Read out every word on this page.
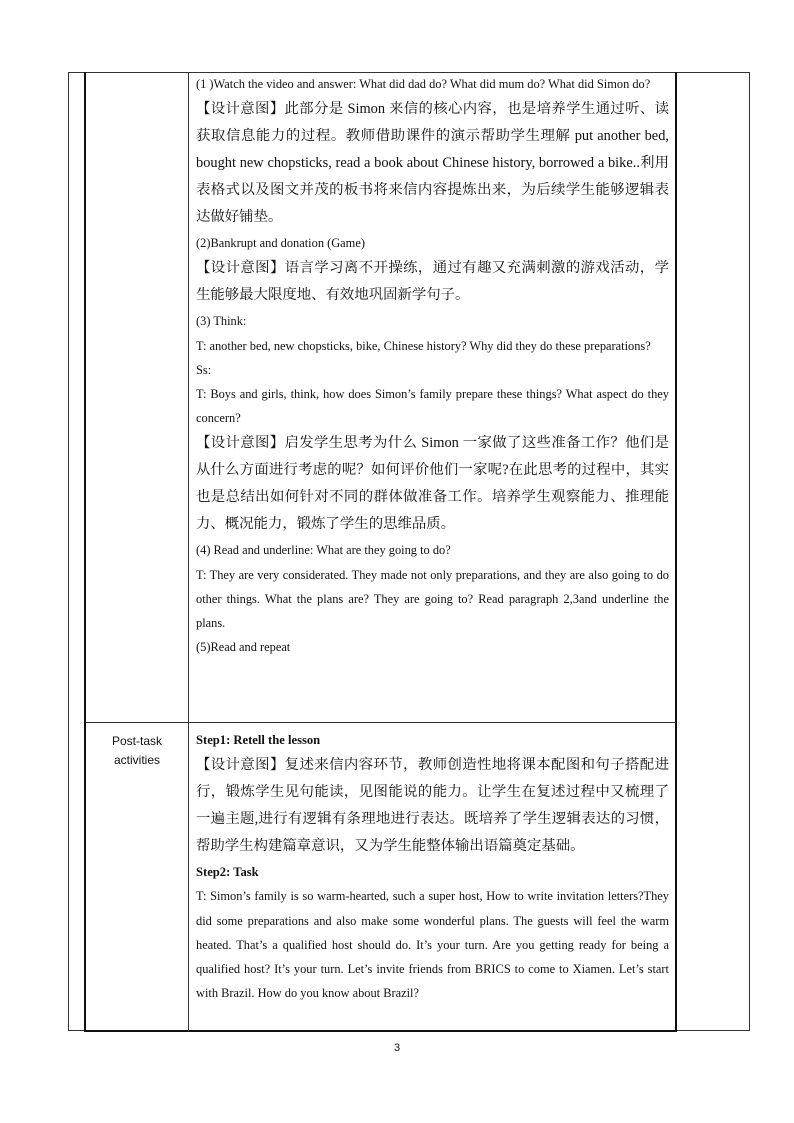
(1 )Watch the video and answer: What did dad do? What did mum do? What did Simon do?

【设计意图】此部分是 Simon 来信的核心内容，也是培养学生通过听、读获取信息能力的过程。教师借助课件的演示帮助学生理解 put another bed, bought new chopsticks, read a book about Chinese history, borrowed a bike..利用表格式以及图文并茂的板书将来信内容提炼出来，为后续学生能够逻辑表达做好铺垫。

(2)Bankrupt and donation (Game)

【设计意图】语言学习离不开操练，通过有趣又充满刺激的游戏活动，学生能够最大限度地、有效地巩固新学句子。

(3) Think:

T: another bed, new chopsticks, bike, Chinese history? Why did they do these preparations?

Ss:

T: Boys and girls, think, how does Simon’s family prepare these things? What aspect do they concern?

【设计意图】启发学生思考为什么 Simon 一家做了这些准备工作？他们是从什么方面进行考虑的呢？如何评价他们一家呢?在此思考的过程中，其实也是总结出如何针对不同的群体做准备工作。培养学生观察能力、推理能力、概况能力，锻炼了学生的思维品质。

(4) Read and underline: What are they going to do?

T: They are very considerated. They made not only preparations, and they are also going to do other things. What the plans are? They are going to? Read paragraph 2,3and underline the plans.

(5)Read and repeat

Post-task
activities

Step1: Retell the lesson

【设计意图】复述来信内容环节，教师创造性地将课本配图和句子搭配进行，锻炼学生见句能读，见图能说的能力。让学生在复述过程中又梳理了一遍主题,进行有逻辑有条理地进行表达。既培养了学生逻辑表达的习惯，帮助学生构建篇章意识，又为学生能整体输出语篇奠定基础。

Step2: Task

T: Simon’s family is so warm-hearted, such a super host, How to write invitation letters?They did some preparations and also make some wonderful plans. The guests will feel the warm heated. That’s a qualified host should do. It’s your turn. Are you getting ready for being a qualified host? It’s your turn. Let’s invite friends from BRICS to come to Xiamen. Let’s start with Brazil. How do you know about Brazil?

3
